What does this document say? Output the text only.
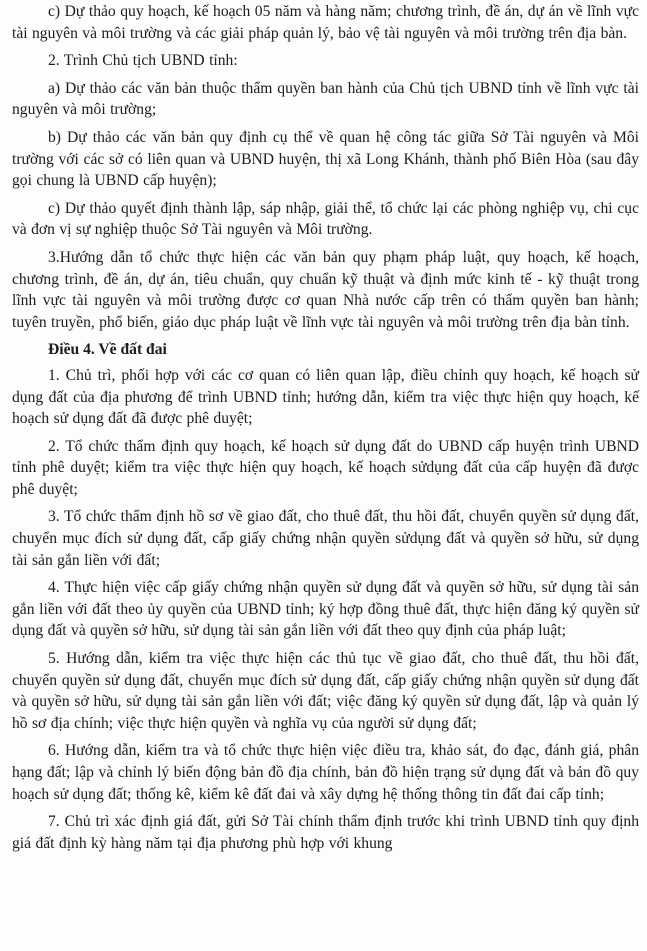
c) Dự thảo quy hoạch, kế hoạch 05 năm và hàng năm; chương trình, đề án, dự án về lĩnh vực tài nguyên và môi trường và các giải pháp quản lý, bảo vệ tài nguyên và môi trường trên địa bàn.

2. Trình Chủ tịch UBND tỉnh:

a) Dự thảo các văn bản thuộc thẩm quyền ban hành của Chủ tịch UBND tỉnh về lĩnh vực tài nguyên và môi trường;

b) Dự thảo các văn bản quy định cụ thể về quan hệ công tác giữa Sở Tài nguyên và Môi trường với các sở có liên quan và UBND huyện, thị xã Long Khánh, thành phố Biên Hòa (sau đây gọi chung là UBND cấp huyện);

c) Dự thảo quyết định thành lập, sáp nhập, giải thể, tổ chức lại các phòng nghiệp vụ, chi cục và đơn vị sự nghiệp thuộc Sở Tài nguyên và Môi trường.

3.Hướng dẫn tổ chức thực hiện các văn bản quy phạm pháp luật, quy hoạch, kế hoạch, chương trình, đề án, dự án, tiêu chuẩn, quy chuẩn kỹ thuật và định mức kinh tế - kỹ thuật trong lĩnh vực tài nguyên và môi trường được cơ quan Nhà nước cấp trên có thẩm quyền ban hành; tuyên truyền, phổ biến, giáo dục pháp luật về lĩnh vực tài nguyên và môi trường trên địa bàn tỉnh.

Điều 4. Về đất đai

1. Chủ trì, phối hợp với các cơ quan có liên quan lập, điều chỉnh quy hoạch, kế hoạch sử dụng đất của địa phương để trình UBND tỉnh; hướng dẫn, kiểm tra việc thực hiện quy hoạch, kế hoạch sử dụng đất đã được phê duyệt;

2. Tổ chức thẩm định quy hoạch, kế hoạch sử dụng đất do UBND cấp huyện trình UBND tỉnh phê duyệt; kiểm tra việc thực hiện quy hoạch, kế hoạch sửdụng đất của cấp huyện đã được phê duyệt;

3. Tổ chức thẩm định hồ sơ về giao đất, cho thuê đất, thu hồi đất, chuyển quyền sử dụng đất, chuyển mục đích sử dụng đất, cấp giấy chứng nhận quyền sửdụng đất và quyền sở hữu, sử dụng tài sản gắn liền với đất;

4. Thực hiện việc cấp giấy chứng nhận quyền sử dụng đất và quyền sở hữu, sử dụng tài sản gắn liền với đất theo ủy quyền của UBND tỉnh; ký hợp đồng thuê đất, thực hiện đăng ký quyền sử dụng đất và quyền sở hữu, sử dụng tài sản gắn liền với đất theo quy định của pháp luật;

5. Hướng dẫn, kiểm tra việc thực hiện các thủ tục về giao đất, cho thuê đất, thu hồi đất, chuyển quyền sử dụng đất, chuyển mục đích sử dụng đất, cấp giấy chứng nhận quyền sử dụng đất và quyền sở hữu, sử dụng tài sản gắn liền với đất; việc đăng ký quyền sử dụng đất, lập và quản lý hồ sơ địa chính; việc thực hiện quyền và nghĩa vụ của người sử dụng đất;

6. Hướng dẫn, kiểm tra và tổ chức thực hiện việc điều tra, khảo sát, đo đạc, đánh giá, phân hạng đất; lập và chỉnh lý biến động bản đồ địa chính, bản đồ hiện trạng sử dụng đất và bản đồ quy hoạch sử dụng đất; thống kê, kiểm kê đất đai và xây dựng hệ thống thông tin đất đai cấp tỉnh;

7. Chủ trì xác định giá đất, gửi Sở Tài chính thẩm định trước khi trình UBND tỉnh quy định giá đất định kỳ hàng năm tại địa phương phù hợp với khung
